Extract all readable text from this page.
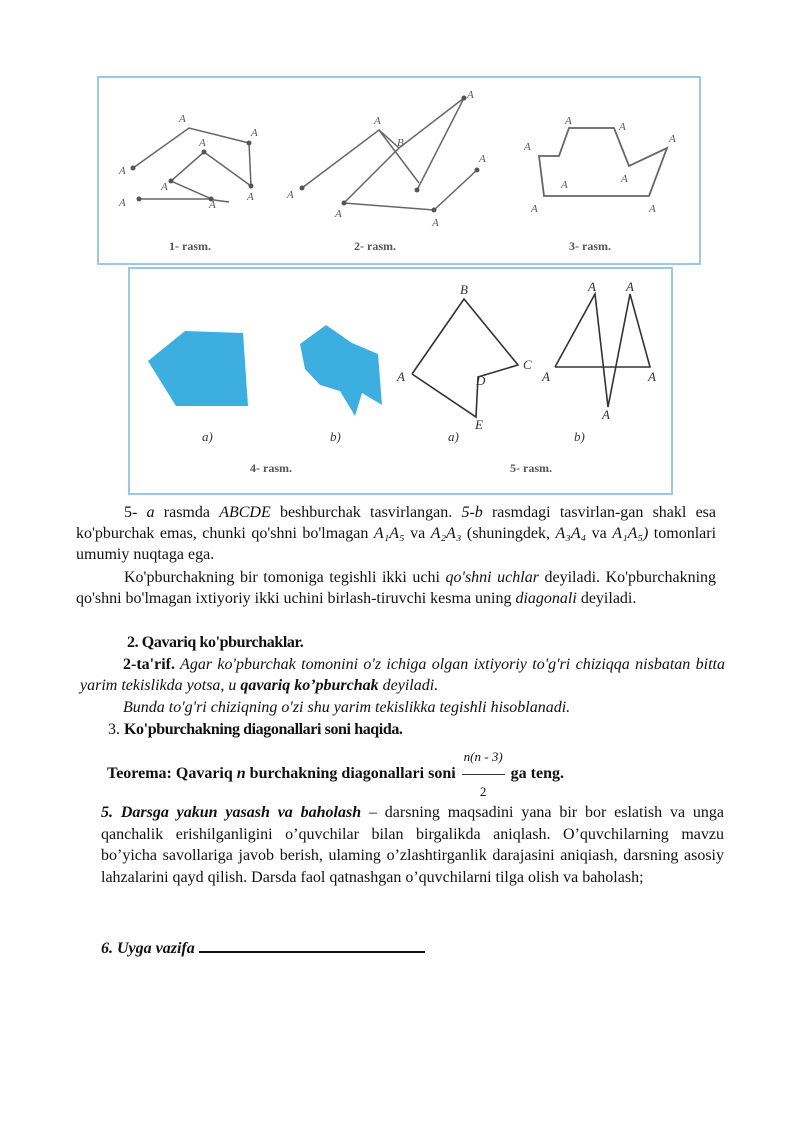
A
A
A
A
A
A
A	A
1- rasm.
A
A
B
A
A
A
A
2- rasm.
A
A	A
A
A	A
A	A
3- rasm.
a)	b)
4- rasm.
B
C
A	D
E
a)
A A
A	A
A
b)
5- rasm.
5- a rasmda ABCDE beshburchak tasvirlangan. 5-b rasmdagi tasvirlan-gan shakl esa ko'pburchak emas, chunki qo'shni bo'lmagan A₁A₅ va A₂A₃ (shuningdek, A₃A₄ va A₁A₅) tomonlari umumiy nuqtaga ega.
Ko'pburchakning bir tomoniga tegishli ikki uchi qo'shni uchlar deyiladi. Ko'pburchakning qo'shni bo'lmagan ixtiyoriy ikki uchini birlash-tiruvchi kesma uning diagonali deyiladi.
2. Qavariq ko'pburchaklar.
2-ta'rif. Agar ko'pburchak tomonini o'z ichiga olgan ixtiyoriy to'g'ri chiziqqa nisbatan bitta yarim tekislikda yotsa, u qavariq ko’pburchak deyiladi.
Bunda to'g'ri chiziqning o'zi shu yarim tekislikka tegishli hisoblanadi.
3. Ko'pburchakning diagonallari soni haqida.
Teorema: Qavariq n burchakning diagonallari soni $\frac{n(n - 3)}{2}$ ga teng.
5. Darsga yakun yasash va baholash – darsning maqsadini yana bir bor eslatish va unga qanchalik erishilganligini o’quvchilar bilan birgalikda aniqlash. O’quvchilarning mavzu bo’yicha savollariga javob berish, ulaming o’zlashtirganlik darajasini aniqiash, darsning asosiy lahzalarini qayd qilish. Darsda faol qatnashgan o’quvchilarni tilga olish va baholash;
6. Uyga vazifa
